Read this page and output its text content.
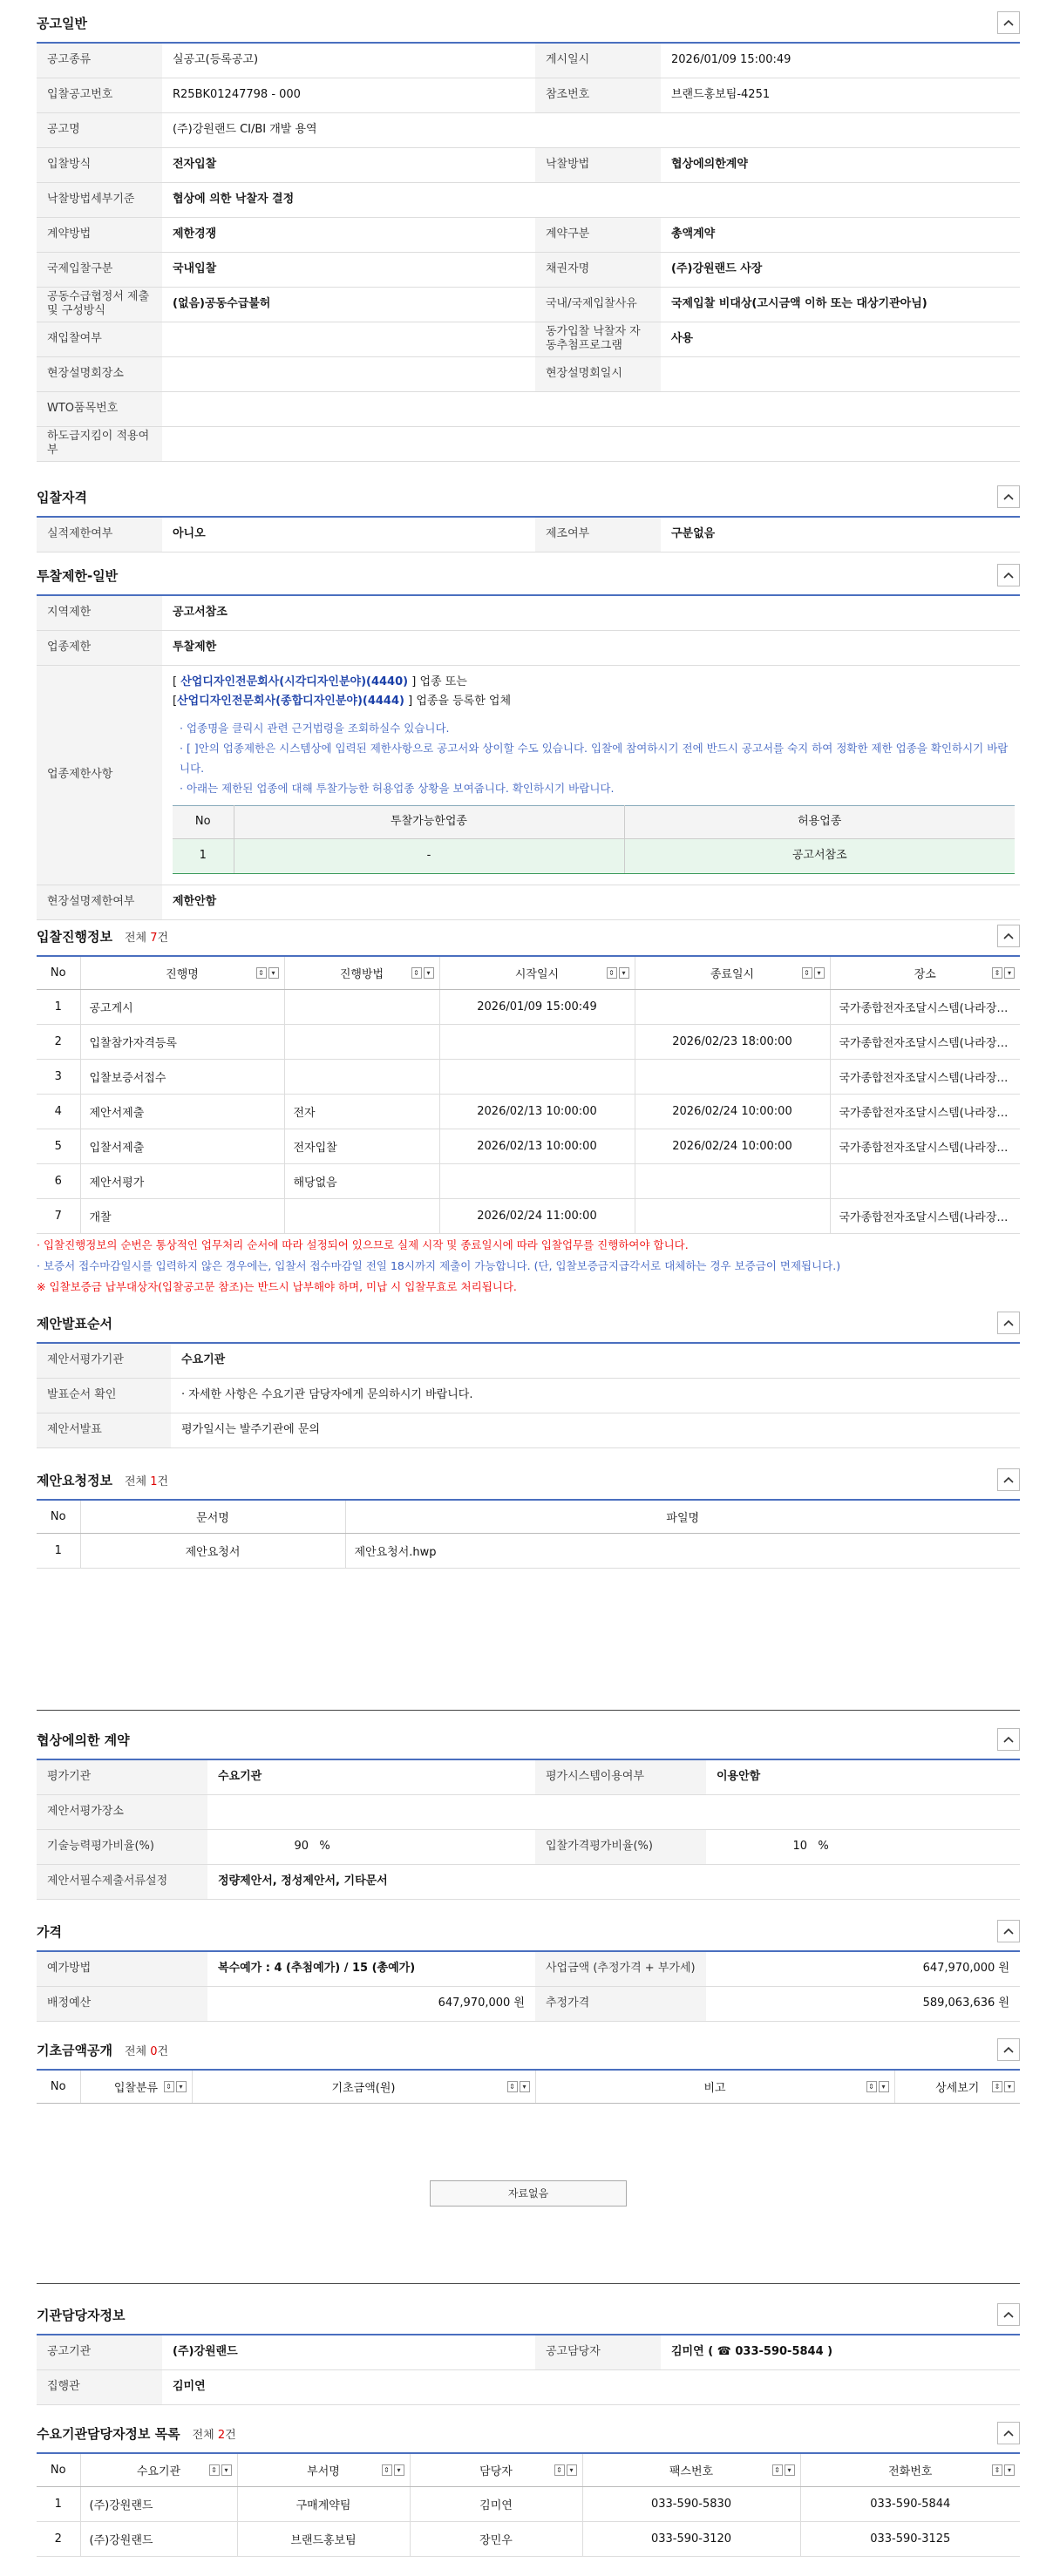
공고일반
공고종류	실공고(등록공고)	게시일시	2026/01/09 15:00:49
입찰공고번호	R25BK01247798 - 000	참조번호	브랜드홍보팀-4251
공고명	(주)강원랜드 CI/BI 개발 용역		
입찰방식	전자입찰	낙찰방법	협상에의한계약
낙찰방법세부기준	협상에 의한 낙찰자 결정		
계약방법	제한경쟁	계약구분	총액계약
국제입찰구분	국내입찰	채권자명	(주)강원랜드 사장
공동수급협정서 제출 및 구성방식	(없음)공동수급불허	국내/국제입찰사유	국제입찰 비대상(고시금액 이하 또는 대상기관아님)
재입찰여부		동가입찰 낙찰자 자동추첨프로그램	사용
현장설명회장소		현장설명회일시	
WTO품목번호			
하도급지킴이 적용여부			
입찰자격
실적제한여부	아니오	제조여부	구분없음
투찰제한-일반
지역제한	공고서참조
업종제한	투찰제한
업종제한사항	
[ 산업디자인전문회사(시각디자인분야)(4440) ] 업종 또는
[산업디자인전문회사(종합디자인분야)(4444) ] 업종을 등록한 업체
· 업종명을 클릭시 관련 근거법령을 조회하실수 있습니다.
· [ ]안의 업종제한은 시스템상에 입력된 제한사항으로 공고서와 상이할 수도 있습니다. 입찰에 참여하시기 전에 반드시 공고서를 숙지 하여 정확한 제한 업종을 확인하시기 바랍니다.
· 아래는 제한된 업종에 대해 투찰가능한 허용업종 상황을 보여줍니다. 확인하시기 바랍니다.
No	투찰가능한업종	허용업종
1	-	공고서참조

현장설명제한여부	제한안함
입찰진행정보 전체 7건
No	진행명 ⇕ ▾	진행방법 ⇕ ▾	시작일시 ⇕ ▾	종료일시 ⇕ ▾	장소 ⇕ ▾

1	공고게시		2026/01/09 15:00:49		국가종합전자조달시스템(나라장…
2	입찰참가자격등록			2026/02/23 18:00:00	국가종합전자조달시스템(나라장…
3	입찰보증서접수				국가종합전자조달시스템(나라장…
4	제안서제출	전자	2026/02/13 10:00:00	2026/02/24 10:00:00	국가종합전자조달시스템(나라장…
5	입찰서제출	전자입찰	2026/02/13 10:00:00	2026/02/24 10:00:00	국가종합전자조달시스템(나라장…
6	제안서평가	해당없음			
7	개찰		2026/02/24 11:00:00		국가종합전자조달시스템(나라장…
· 입찰진행정보의 순번은 통상적인 업무처리 순서에 따라 설정되어 있으므로 실제 시작 및 종료일시에 따라 입찰업무를 진행하여야 합니다.
· 보증서 접수마감일시를 입력하지 않은 경우에는, 입찰서 접수마감일 전일 18시까지 제출이 가능합니다. (단, 입찰보증금지급각서로 대체하는 경우 보증금이 면제됩니다.)
※ 입찰보증금 납부대상자(입찰공고문 참조)는 반드시 납부해야 하며, 미납 시 입찰무효로 처리됩니다.
제안발표순서
제안서평가기관	수요기관
발표순서 확인	· 자세한 사항은 수요기관 담당자에게 문의하시기 바랍니다.
제안서발표	평가일시는 발주기관에 문의
제안요청정보 전체 1건
No	문서명	파일명
1	제안요청서	제안요청서.hwp
협상에의한 계약
평가기관	수요기관	평가시스템이용여부	이용안함
제안서평가장소			
기술능력평가비율(%)	90 %	입찰가격평가비율(%)	10 %
제안서필수제출서류설정	정량제안서, 정성제안서, 기타문서		
가격
예가방법	복수예가 : 4 (추첨예가) / 15 (총예가)	사업금액 (추정가격 + 부가세)	647,970,000 원
배정예산	647,970,000 원	추정가격	589,063,636 원
기초금액공개 전체 0건
No	입찰분류	⇕	▾	기초금액(원)	⇕	▾	비고	⇕	▾	상세보기	⇕	▾
자료없음
기관담당자정보
공고기관	(주)강원랜드	공고담당자	김미연 ( ☎ 033-590-5844 )
집행관	김미연		
수요기관담당자정보 목록 전체 2건
No	수요기관 ⇕ ▾	부서명 ⇕ ▾	담당자 ⇕ ▾	팩스번호 ⇕ ▾	전화번호 ⇕ ▾

1	(주)강원랜드	구매계약팀	김미연	033-590-5830	033-590-5844
2	(주)강원랜드	브랜드홍보팀	장민우	033-590-3120	033-590-3125
